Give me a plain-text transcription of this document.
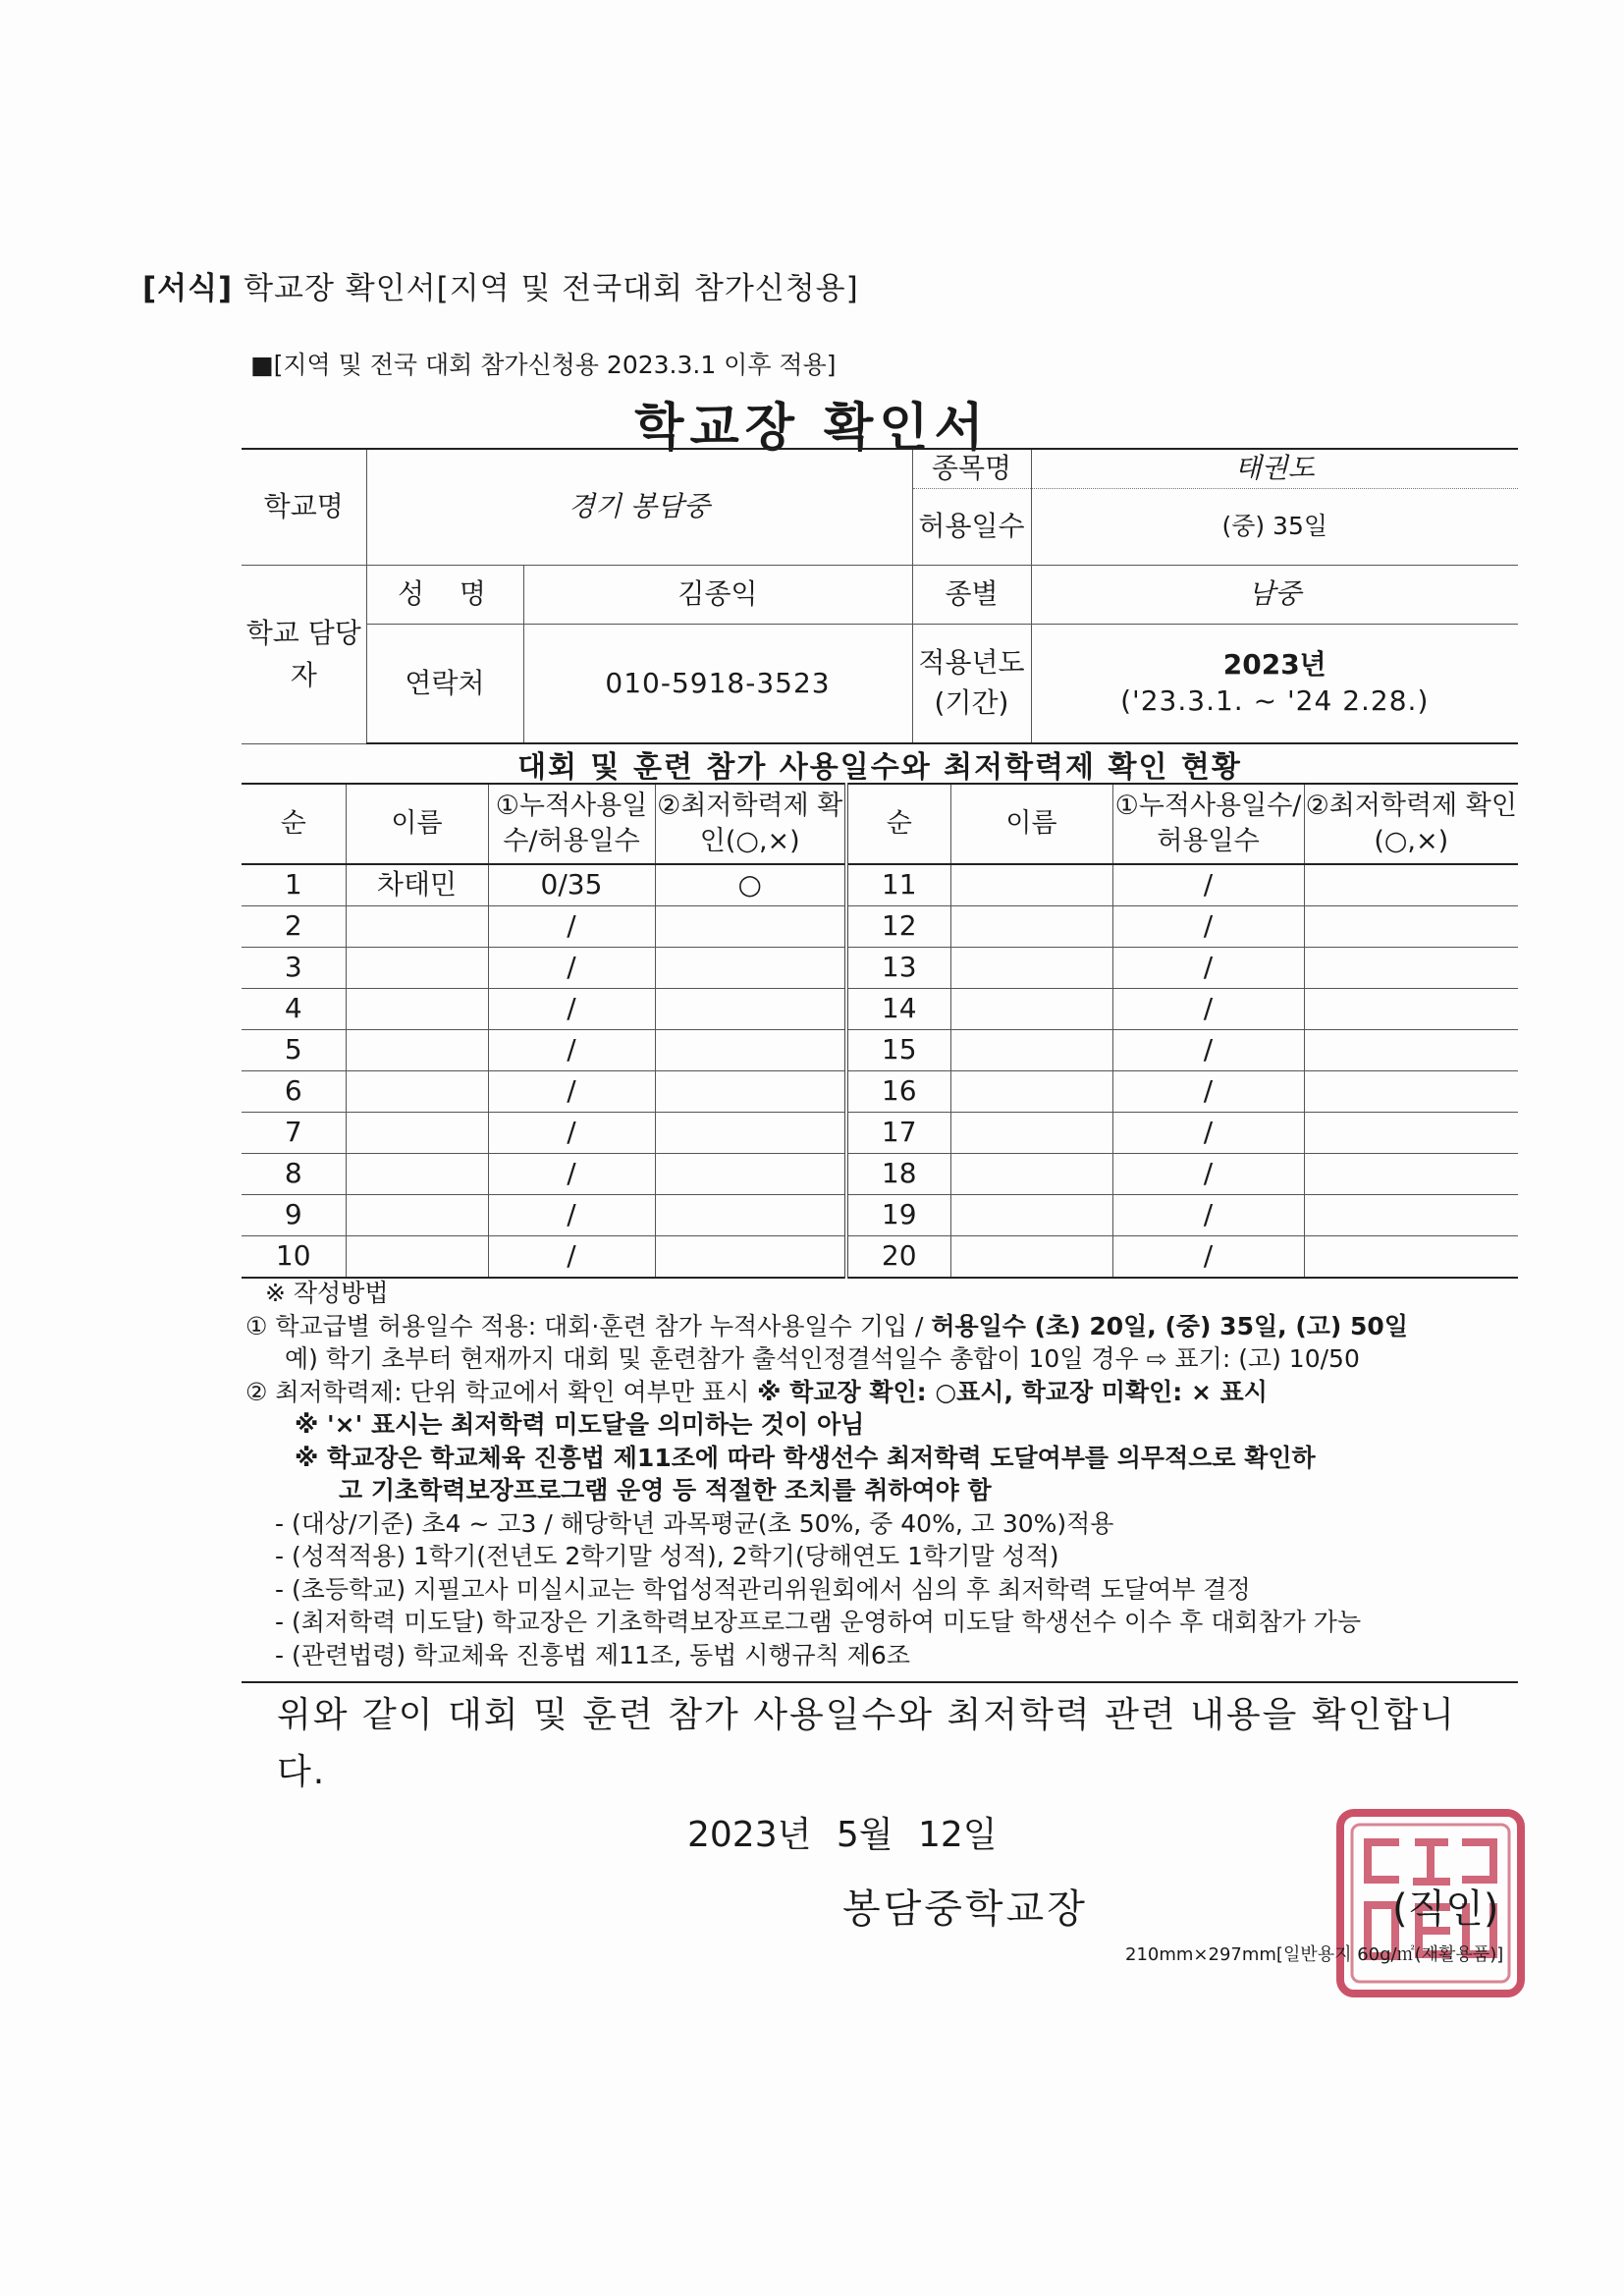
[서식] 학교장 확인서[지역 및 전국대회 참가신청용]
■[지역 및 전국 대회 참가신청용 2023.3.1 이후 적용]
학교장 확인서
학교명	경기 봉담중		종목명	태권도
			허용일수	(중) 35일
학교 담당자	성  명	김종익	종별	남중
	연락처	010-5918-3523	적용년도 (기간)	2023년
('23.3.1. ~ '24 2.28.)
대회 및 훈련 참가 사용일수와 최저학력제 확인 현황
순	이름	①누적사용일수/허용일수	②최저학력제 확인(○,×)	순	이름	①누적사용일수/허용일수	②최저학력제 확인(○,×)
1	차태민	0/35	○	11		/	
2		/		12		/	
3		/		13		/	
4		/		14		/	
5		/		15		/	
6		/		16		/	
7		/		17		/	
8		/		18		/	
9		/		19		/	
10		/		20		/	
※ 작성방법
① 학교급별 허용일수 적용: 대회·훈련 참가 누적사용일수 기입 / 허용일수 (초) 20일, (중) 35일, (고) 50일
예) 학기 초부터 현재까지 대회 및 훈련참가 출석인정결석일수 총합이 10일 경우 ⇨ 표기: (고) 10/50
② 최저학력제: 단위 학교에서 확인 여부만 표시 ※ 학교장 확인: ○표시, 학교장 미확인: × 표시
※ '×' 표시는 최저학력 미도달을 의미하는 것이 아님
※ 학교장은 학교체육 진흥법 제11조에 따라 학생선수 최저학력 도달여부를 의무적으로 확인하
고 기초학력보장프로그램 운영 등 적절한 조치를 취하여야 함
- (대상/기준) 초4 ~ 고3 / 해당학년 과목평균(초 50%, 중 40%, 고 30%)적용
- (성적적용) 1학기(전년도 2학기말 성적), 2학기(당해연도 1학기말 성적)
- (초등학교) 지필고사 미실시교는 학업성적관리위원회에서 심의 후 최저학력 도달여부 결정
- (최저학력 미도달) 학교장은 기초학력보장프로그램 운영하여 미도달 학생선수 이수 후 대회참가 가능
- (관련법령) 학교체육 진흥법 제11조, 동법 시행규칙 제6조
위와 같이 대회 및 훈련 참가 사용일수와 최저학력 관련 내용을 확인합니다.
2023년 5월 12일
봉담중학교장	(직인)
210mm×297mm[일반용지 60g/㎡(재활용품)]
